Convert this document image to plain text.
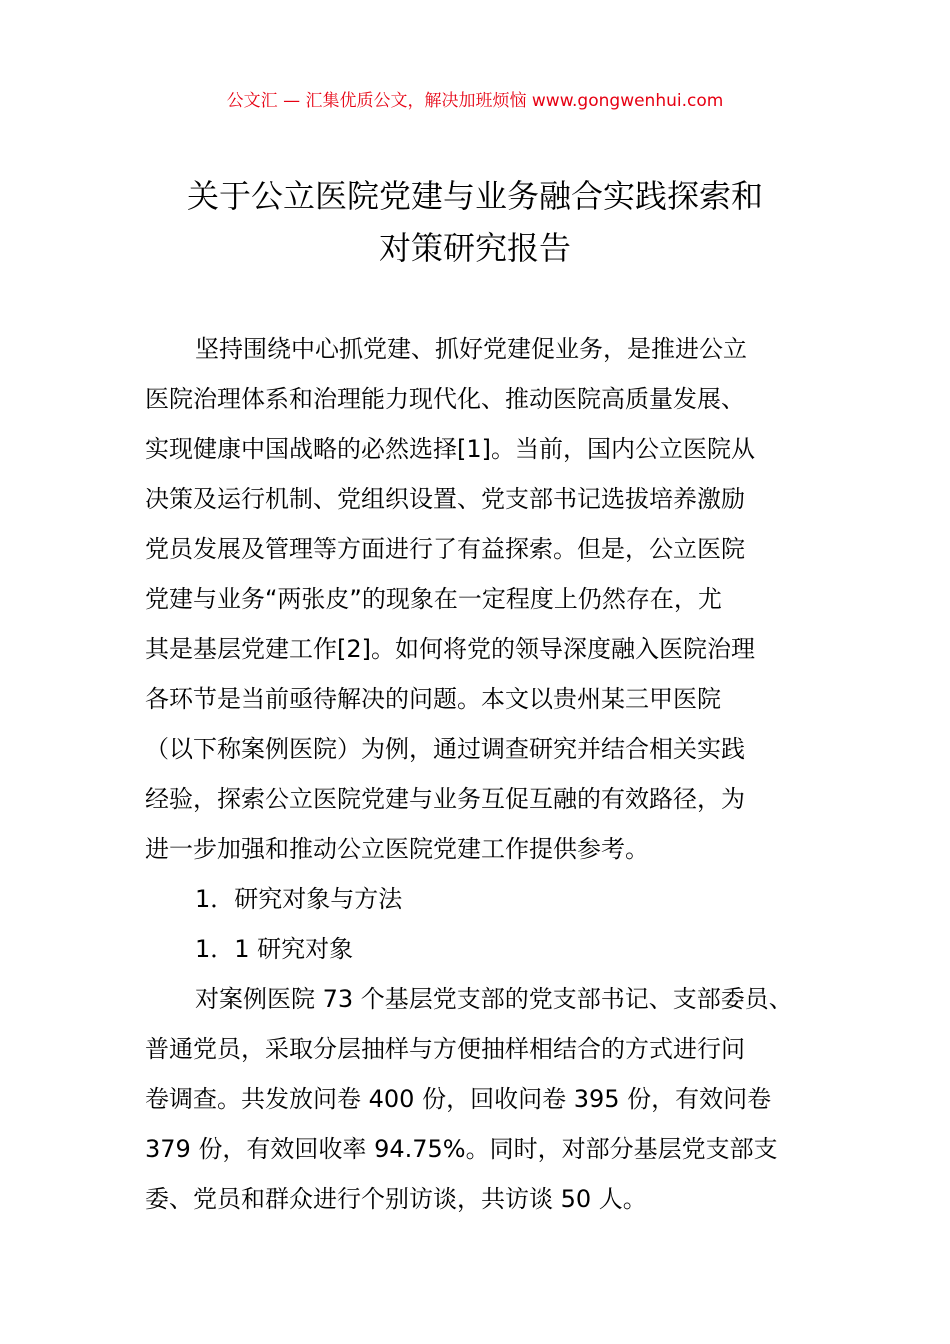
公文汇 — 汇集优质公文，解决加班烦恼 www.gongwenhui.com
关于公立医院党建与业务融合实践探索和
对策研究报告
坚持围绕中心抓党建、抓好党建促业务，是推进公立
医院治理体系和治理能力现代化、推动医院高质量发展、
实现健康中国战略的必然选择[1]。当前，国内公立医院从
决策及运行机制、党组织设置、党支部书记选拔培养激励
党员发展及管理等方面进行了有益探索。但是，公立医院
党建与业务“两张皮”的现象在一定程度上仍然存在，尤
其是基层党建工作[2]。如何将党的领导深度融入医院治理
各环节是当前亟待解决的问题。本文以贵州某三甲医院
（以下称案例医院）为例，通过调查研究并结合相关实践
经验，探索公立医院党建与业务互促互融的有效路径，为
进一步加强和推动公立医院党建工作提供参考。
1．研究对象与方法
1．1 研究对象
对案例医院 73 个基层党支部的党支部书记、支部委员、
普通党员，采取分层抽样与方便抽样相结合的方式进行问
卷调查。共发放问卷 400 份，回收问卷 395 份，有效问卷
379 份，有效回收率 94.75%。同时，对部分基层党支部支
委、党员和群众进行个别访谈，共访谈 50 人。
